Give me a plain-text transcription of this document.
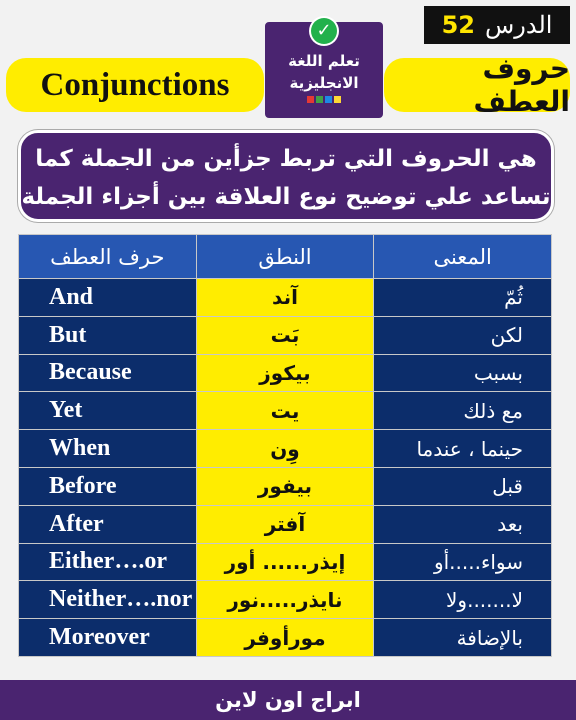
الدرس
52
✓
تعلم اللغة
الانجليزية
Conjunctions	حروف العطف
هي الحروف التي تربط جزأين من الجملة كما
تساعد علي توضيح نوع العلاقة بين أجزاء الجملة
حرف العطف	النطق	المعنى
And	آند	ثُمّ
But	بَت	لكن
Because	بيكوز	بسبب
Yet	يت	مع ذلك
When	وِن	حينما ، عندما
Before	بيفور	قبل
After	آفتر	بعد
Either….or	إيذر...... أور	سواء.....أو
Neither….nor	نايذر.....نور	لا.......ولا
Moreover	مورأوفر	بالإضافة
ابراج اون لاين
